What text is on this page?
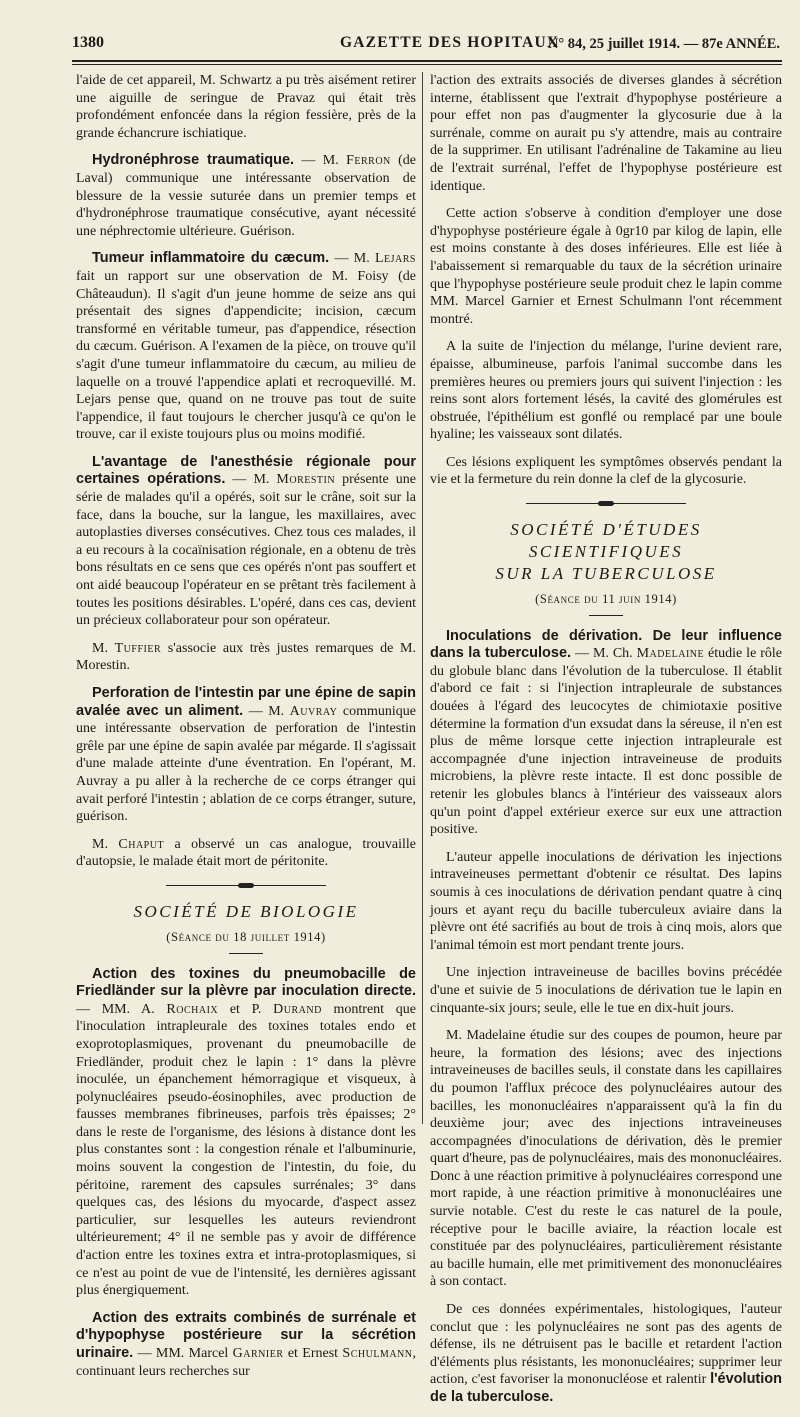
1380	GAZETTE DES HOPITAUX
N° 84, 25 juillet 1914. — 87e ANNÉE.

l'aide de cet appareil, M. Schwartz a pu très aisément retirer une aiguille de seringue de Pravaz qui était très profondément enfoncée dans la région fessière, près de la grande échancrure ischiatique.

Hydronéphrose traumatique. — M. Ferron (de Laval) communique une intéressante observation de blessure de la vessie suturée dans un premier temps et d'hydronéphrose traumatique consécutive, ayant nécessité une néphrectomie ultérieure. Guérison.

Tumeur inflammatoire du cæcum. — M. Lejars fait un rapport sur une observation de M. Foisy (de Châteaudun). Il s'agit d'un jeune homme de seize ans qui présentait des signes d'appendicite; incision, cæcum transformé en véritable tumeur, pas d'appendice, résection du cæcum. Guérison. A l'examen de la pièce, on trouve qu'il s'agit d'une tumeur inflammatoire du cæcum, au milieu de laquelle on a trouvé l'appendice aplati et recroquevillé. M. Lejars pense que, quand on ne trouve pas tout de suite l'appendice, il faut toujours le chercher jusqu'à ce qu'on le trouve, car il existe toujours plus ou moins modifié.

L'avantage de l'anesthésie régionale pour certaines opérations. — M. Morestin présente une série de malades qu'il a opérés, soit sur le crâne, soit sur la face, dans la bouche, sur la langue, les maxillaires, avec autoplasties diverses consécutives. Chez tous ces malades, il a eu recours à la cocaïnisation régionale, en a obtenu de très bons résultats en ce sens que ces opérés n'ont pas souffert et ont aidé beaucoup l'opérateur en se prêtant très facilement à toutes les positions désirables. L'opéré, dans ces cas, devient un précieux collaborateur pour son opérateur.

M. Tuffier s'associe aux très justes remarques de M. Morestin.

Perforation de l'intestin par une épine de sapin avalée avec un aliment. — M. Auvray communique une intéressante observation de perforation de l'intestin grêle par une épine de sapin avalée par mégarde. Il s'agissait d'une malade atteinte d'une éventration. En l'opérant, M. Auvray a pu aller à la recherche de ce corps étranger qui avait perforé l'intestin ; ablation de ce corps étranger, suture, guérison.

M. Chaput a observé un cas analogue, trouvaille d'autopsie, le malade était mort de péritonite.

SOCIÉTÉ DE BIOLOGIE

(Séance du 18 juillet 1914)

Action des toxines du pneumobacille de Friedländer sur la plèvre par inoculation directe. — MM. A. Rochaix et P. Durand montrent que l'inoculation intrapleurale des toxines totales endo et exoprotoplasmiques, provenant du pneumobacille de Friedländer, produit chez le lapin : 1° dans la plèvre inoculée, un épanchement hémorragique et visqueux, à polynucléaires pseudo-éosinophiles, avec production de fausses membranes fibrineuses, parfois très épaisses; 2° dans le reste de l'organisme, des lésions à distance dont les plus constantes sont : la congestion rénale et l'albuminurie, moins souvent la congestion de l'intestin, du foie, du péritoine, rarement des capsules surrénales; 3° dans quelques cas, des lésions du myocarde, d'aspect assez particulier, sur lesquelles les auteurs reviendront ultérieurement; 4° il ne semble pas y avoir de différence d'action entre les toxines extra et intra-protoplasmiques, si ce n'est au point de vue de l'intensité, les dernières agissant plus énergiquement.

Action des extraits combinés de surrénale et d'hypophyse postérieure sur la sécrétion urinaire. — MM. Marcel Garnier et Ernest Schulmann, continuant leurs recherches sur

l'action des extraits associés de diverses glandes à sécrétion interne, établissent que l'extrait d'hypophyse postérieure a pour effet non pas d'augmenter la glycosurie due à la surrénale, comme on aurait pu s'y attendre, mais au contraire de la supprimer. En utilisant l'adrénaline de Takamine au lieu de l'extrait surrénal, l'effet de l'hypophyse postérieure est identique.

Cette action s'observe à condition d'employer une dose d'hypophyse postérieure égale à 0gr10 par kilog de lapin, elle est moins constante à des doses inférieures. Elle est liée à l'abaissement si remarquable du taux de la sécrétion urinaire que l'hypophyse postérieure seule produit chez le lapin comme MM. Marcel Garnier et Ernest Schulmann l'ont récemment montré.

A la suite de l'injection du mélange, l'urine devient rare, épaisse, albumineuse, parfois l'animal succombe dans les premières heures ou premiers jours qui suivent l'injection : les reins sont alors fortement lésés, la cavité des glomérules est obstruée, l'épithélium est gonflé ou remplacé par une boule hyaline; les vaisseaux sont dilatés.

Ces lésions expliquent les symptômes observés pendant la vie et la fermeture du rein donne la clef de la glycosurie.

SOCIÉTÉ D'ÉTUDES SCIENTIFIQUES
SUR LA TUBERCULOSE

(Séance du 11 juin 1914)

Inoculations de dérivation. De leur influence dans la tuberculose. — M. Ch. Madelaine étudie le rôle du globule blanc dans l'évolution de la tuberculose. Il établit d'abord ce fait : si l'injection intrapleurale de substances douées à l'égard des leucocytes de chimiotaxie positive détermine la formation d'un exsudat dans la séreuse, il n'en est plus de même lorsque cette injection intrapleurale est accompagnée d'une injection intraveineuse de produits microbiens, la plèvre reste intacte. Il est donc possible de retenir les globules blancs à l'intérieur des vaisseaux alors qu'un point d'appel extérieur exerce sur eux une attraction positive.

L'auteur appelle inoculations de dérivation les injections intraveineuses permettant d'obtenir ce résultat. Des lapins soumis à ces inoculations de dérivation pendant quatre à cinq jours et ayant reçu du bacille tuberculeux aviaire dans la plèvre ont été sacrifiés au bout de trois à cinq mois, alors que l'animal témoin est mort pendant trente jours.

Une injection intraveineuse de bacilles bovins précédée d'une et suivie de 5 inoculations de dérivation tue le lapin en cinquante-six jours; seule, elle le tue en dix-huit jours.

M. Madelaine étudie sur des coupes de poumon, heure par heure, la formation des lésions; avec des injections intraveineuses de bacilles seuls, il constate dans les capillaires du poumon l'afflux précoce des polynucléaires autour des bacilles, les mononucléaires n'apparaissent qu'à la fin du deuxième jour; avec des injections intraveineuses accompagnées d'inoculations de dérivation, dès le premier quart d'heure, pas de polynucléaires, mais des mononucléaires. Donc à une réaction primitive à polynucléaires correspond une mort rapide, à une réaction primitive à mononucléaires une survie notable. C'est du reste le cas naturel de la poule, réceptive pour le bacille aviaire, la réaction locale est constituée par des polynucléaires, particulièrement résistante au bacille humain, elle met primitivement des mononucléaires à son contact.

De ces données expérimentales, histologiques, l'auteur conclut que : les polynucléaires ne sont pas des agents de défense, ils ne détruisent pas le bacille et retardent l'action d'éléments plus résistants, les mononucléaires; supprimer leur action, c'est favoriser la mononucléose et ralentir l'évolution de la tuberculose.
